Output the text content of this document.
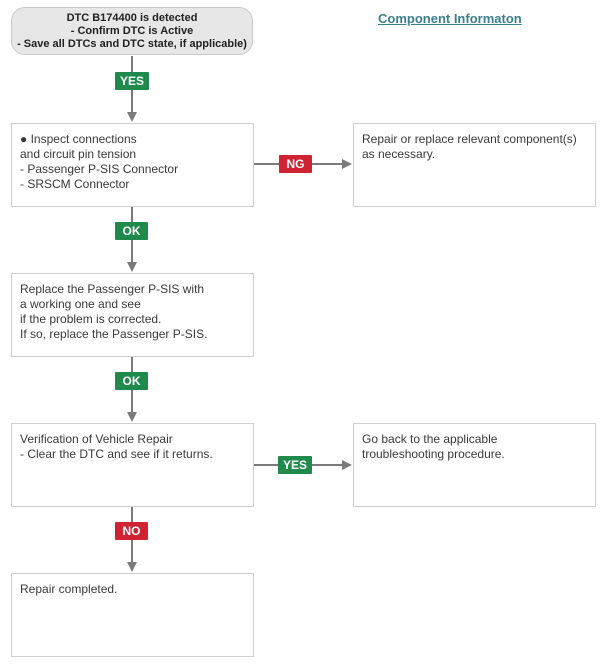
DTC B174400 is detected
- Confirm DTC is Active
- Save all DTCs and DTC state, if applicable)
Component Informaton
YES
● Inspect connections
and circuit pin tension
- Passenger P-SIS Connector
- SRSCM Connector
NG
Repair or replace relevant component(s)
as necessary.
OK
Replace the Passenger P-SIS with
a working one and see
if the problem is corrected.
If so, replace the Passenger P-SIS.
OK
Verification of Vehicle Repair
- Clear the DTC and see if it returns.
YES
Go back to the applicable
troubleshooting procedure.
NO
Repair completed.
